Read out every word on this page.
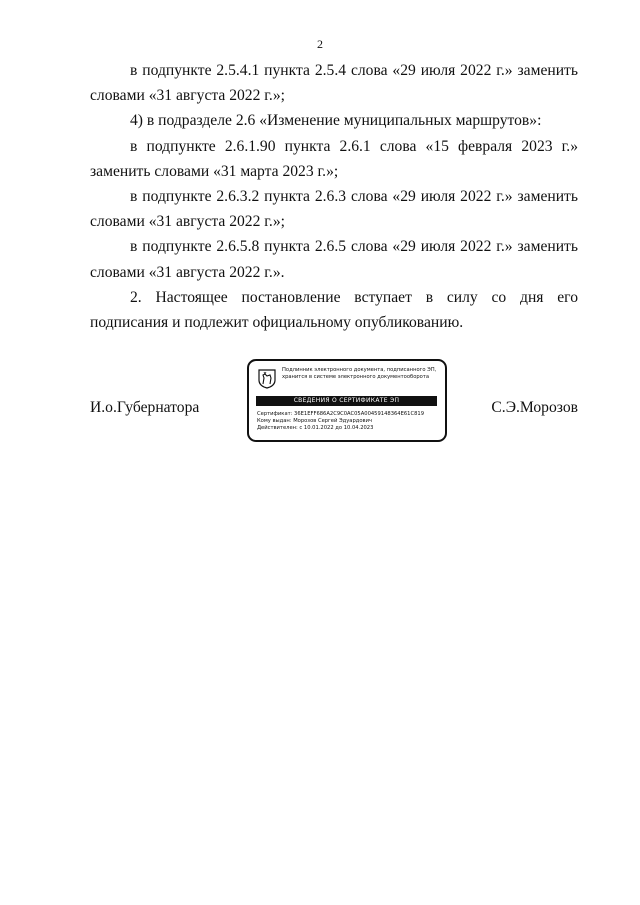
2

в подпункте 2.5.4.1 пункта 2.5.4 слова «29 июля 2022 г.» заменить словами «31 августа 2022 г.»;

4) в подразделе 2.6 «Изменение муниципальных маршрутов»:

в подпункте 2.6.1.90 пункта 2.6.1 слова «15 февраля 2023 г.» заменить словами «31 марта 2023 г.»;

в подпункте 2.6.3.2 пункта 2.6.3 слова «29 июля 2022 г.» заменить словами «31 августа 2022 г.»;

в подпункте 2.6.5.8 пункта 2.6.5 слова «29 июля 2022 г.» заменить словами «31 августа 2022 г.».

2. Настоящее постановление вступает в силу со дня его подписания и подлежит официальному опубликованию.

И.о.Губернатора	С.Э.Морозов
Подлинник электронного документа, подписанного ЭП, хранится в системе электронного документооборота
СВЕДЕНИЯ О СЕРТИФИКАТЕ ЭП
Сертификат: 36E1EFF686A2C9C0AC05A00459148364E61C819
Кому выдан: Морозов Сергей Эдуардович
Действителен: с 10.01.2022 до 10.04.2023
